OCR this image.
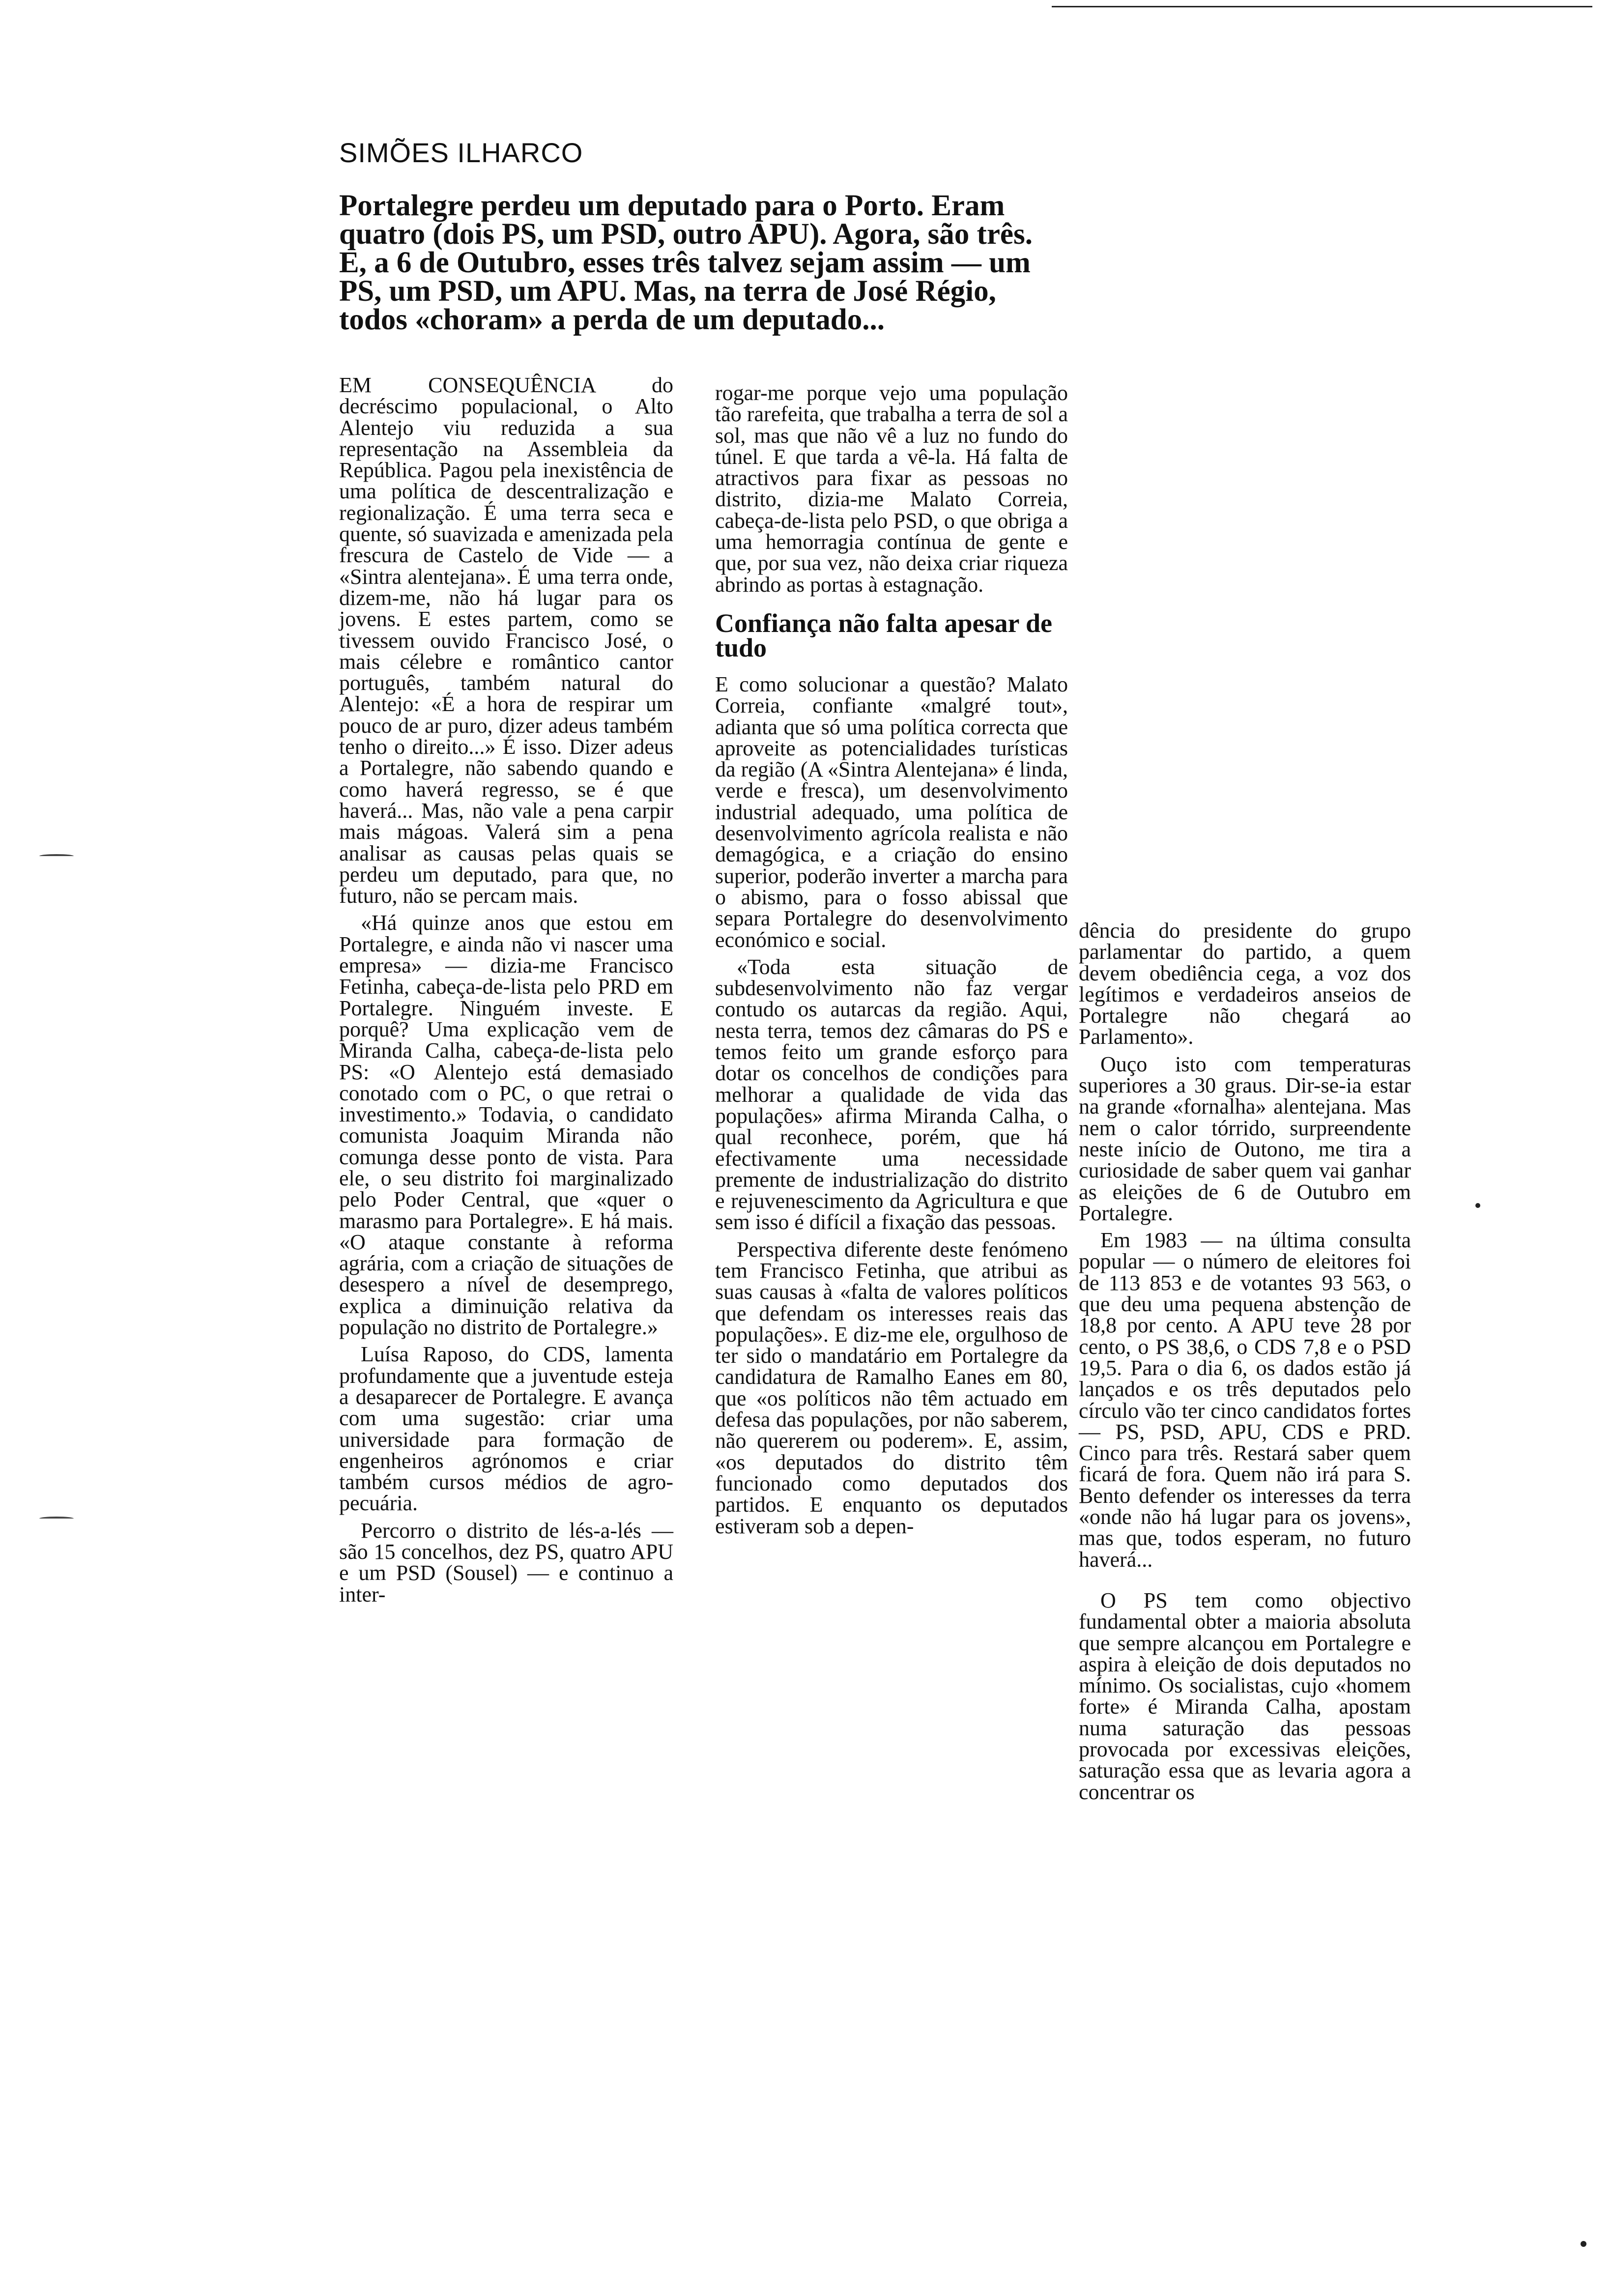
SIMÕES ILHARCO
Portalegre perdeu um deputado para o Porto. Eram quatro (dois PS, um PSD, outro APU). Agora, são três. E, a 6 de Outubro, esses três talvez sejam assim — um PS, um PSD, um APU. Mas, na terra de José Régio, todos «choram» a perda de um deputado...

EM CONSEQUÊNCIA do decréscimo populacional, o Alto Alentejo viu reduzida a sua representação na Assembleia da República. Pagou pela inexistência de uma política de descentralização e regionalização. É uma terra seca e quente, só suavizada e amenizada pela frescura de Castelo de Vide — a «Sintra alentejana». É uma terra onde, dizem-me, não há lugar para os jovens. E estes partem, como se tivessem ouvido Francisco José, o mais célebre e romântico cantor português, também natural do Alentejo: «É a hora de respirar um pouco de ar puro, dizer adeus também tenho o direito...» É isso. Dizer adeus a Portalegre, não sabendo quando e como haverá regresso, se é que haverá... Mas, não vale a pena carpir mais mágoas. Valerá sim a pena analisar as causas pelas quais se perdeu um deputado, para que, no futuro, não se percam mais.

«Há quinze anos que estou em Portalegre, e ainda não vi nascer uma empresa» — dizia-me Francisco Fetinha, cabeça-de-lista pelo PRD em Portalegre. Ninguém investe. E porquê? Uma explicação vem de Miranda Calha, cabeça-de-lista pelo PS: «O Alentejo está demasiado conotado com o PC, o que retrai o investimento.» Todavia, o candidato comunista Joaquim Miranda não comunga desse ponto de vista. Para ele, o seu distrito foi marginalizado pelo Poder Central, que «quer o marasmo para Portalegre». E há mais. «O ataque constante à reforma agrária, com a criação de situações de desespero a nível de desemprego, explica a diminuição relativa da população no distrito de Portalegre.»

Luísa Raposo, do CDS, lamenta profundamente que a juventude esteja a desaparecer de Portalegre. E avança com uma sugestão: criar uma universidade para formação de engenheiros agrónomos e criar também cursos médios de agro-pecuária.

Percorro o distrito de lés-a-lés — são 15 concelhos, dez PS, quatro APU e um PSD (Sousel) — e continuo a inter-

rogar-me porque vejo uma população tão rarefeita, que trabalha a terra de sol a sol, mas que não vê a luz no fundo do túnel. E que tarda a vê-la. Há falta de atractivos para fixar as pessoas no distrito, dizia-me Malato Correia, cabeça-de-lista pelo PSD, o que obriga a uma hemorragia contínua de gente e que, por sua vez, não deixa criar riqueza abrindo as portas à estagnação.

Confiança não falta apesar de tudo

E como solucionar a questão? Malato Correia, confiante «malgré tout», adianta que só uma política correcta que aproveite as potencialidades turísticas da região (A «Sintra Alentejana» é linda, verde e fresca), um desenvolvimento industrial adequado, uma política de desenvolvimento agrícola realista e não demagógica, e a criação do ensino superior, poderão inverter a marcha para o abismo, para o fosso abissal que separa Portalegre do desenvolvimento económico e social.

«Toda esta situação de subdesenvolvimento não faz vergar contudo os autarcas da região. Aqui, nesta terra, temos dez câmaras do PS e temos feito um grande esforço para dotar os concelhos de condições para melhorar a qualidade de vida das populações» afirma Miranda Calha, o qual reconhece, porém, que há efectivamente uma necessidade premente de industrialização do distrito e rejuvenescimento da Agricultura e que sem isso é difícil a fixação das pessoas.

Perspectiva diferente deste fenómeno tem Francisco Fetinha, que atribui as suas causas à «falta de valores políticos que defendam os interesses reais das populações». E diz-me ele, orgulhoso de ter sido o mandatário em Portalegre da candidatura de Ramalho Eanes em 80, que «os políticos não têm actuado em defesa das populações, por não saberem, não quererem ou poderem». E, assim, «os deputados do distrito têm funcionado como deputados dos partidos. E enquanto os deputados estiveram sob a depen-

dência do presidente do grupo parlamentar do partido, a quem devem obediência cega, a voz dos legítimos e verdadeiros anseios de Portalegre não chegará ao Parlamento».

Ouço isto com temperaturas superiores a 30 graus. Dir-se-ia estar na grande «fornalha» alentejana. Mas nem o calor tórrido, surpreendente neste início de Outono, me tira a curiosidade de saber quem vai ganhar as eleições de 6 de Outubro em Portalegre.

Em 1983 — na última consulta popular — o número de eleitores foi de 113 853 e de votantes 93 563, o que deu uma pequena abstenção de 18,8 por cento. A APU teve 28 por cento, o PS 38,6, o CDS 7,8 e o PSD 19,5. Para o dia 6, os dados estão já lançados e os três deputados pelo círculo vão ter cinco candidatos fortes — PS, PSD, APU, CDS e PRD. Cinco para três. Restará saber quem ficará de fora. Quem não irá para S. Bento defender os interesses da terra «onde não há lugar para os jovens», mas que, todos esperam, no futuro haverá...

O PS tem como objectivo fundamental obter a maioria absoluta que sempre alcançou em Portalegre e aspira à eleição de dois deputados no mínimo. Os socialistas, cujo «homem forte» é Miranda Calha, apostam numa saturação das pessoas provocada por excessivas eleições, saturação essa que as levaria agora a concentrar os
